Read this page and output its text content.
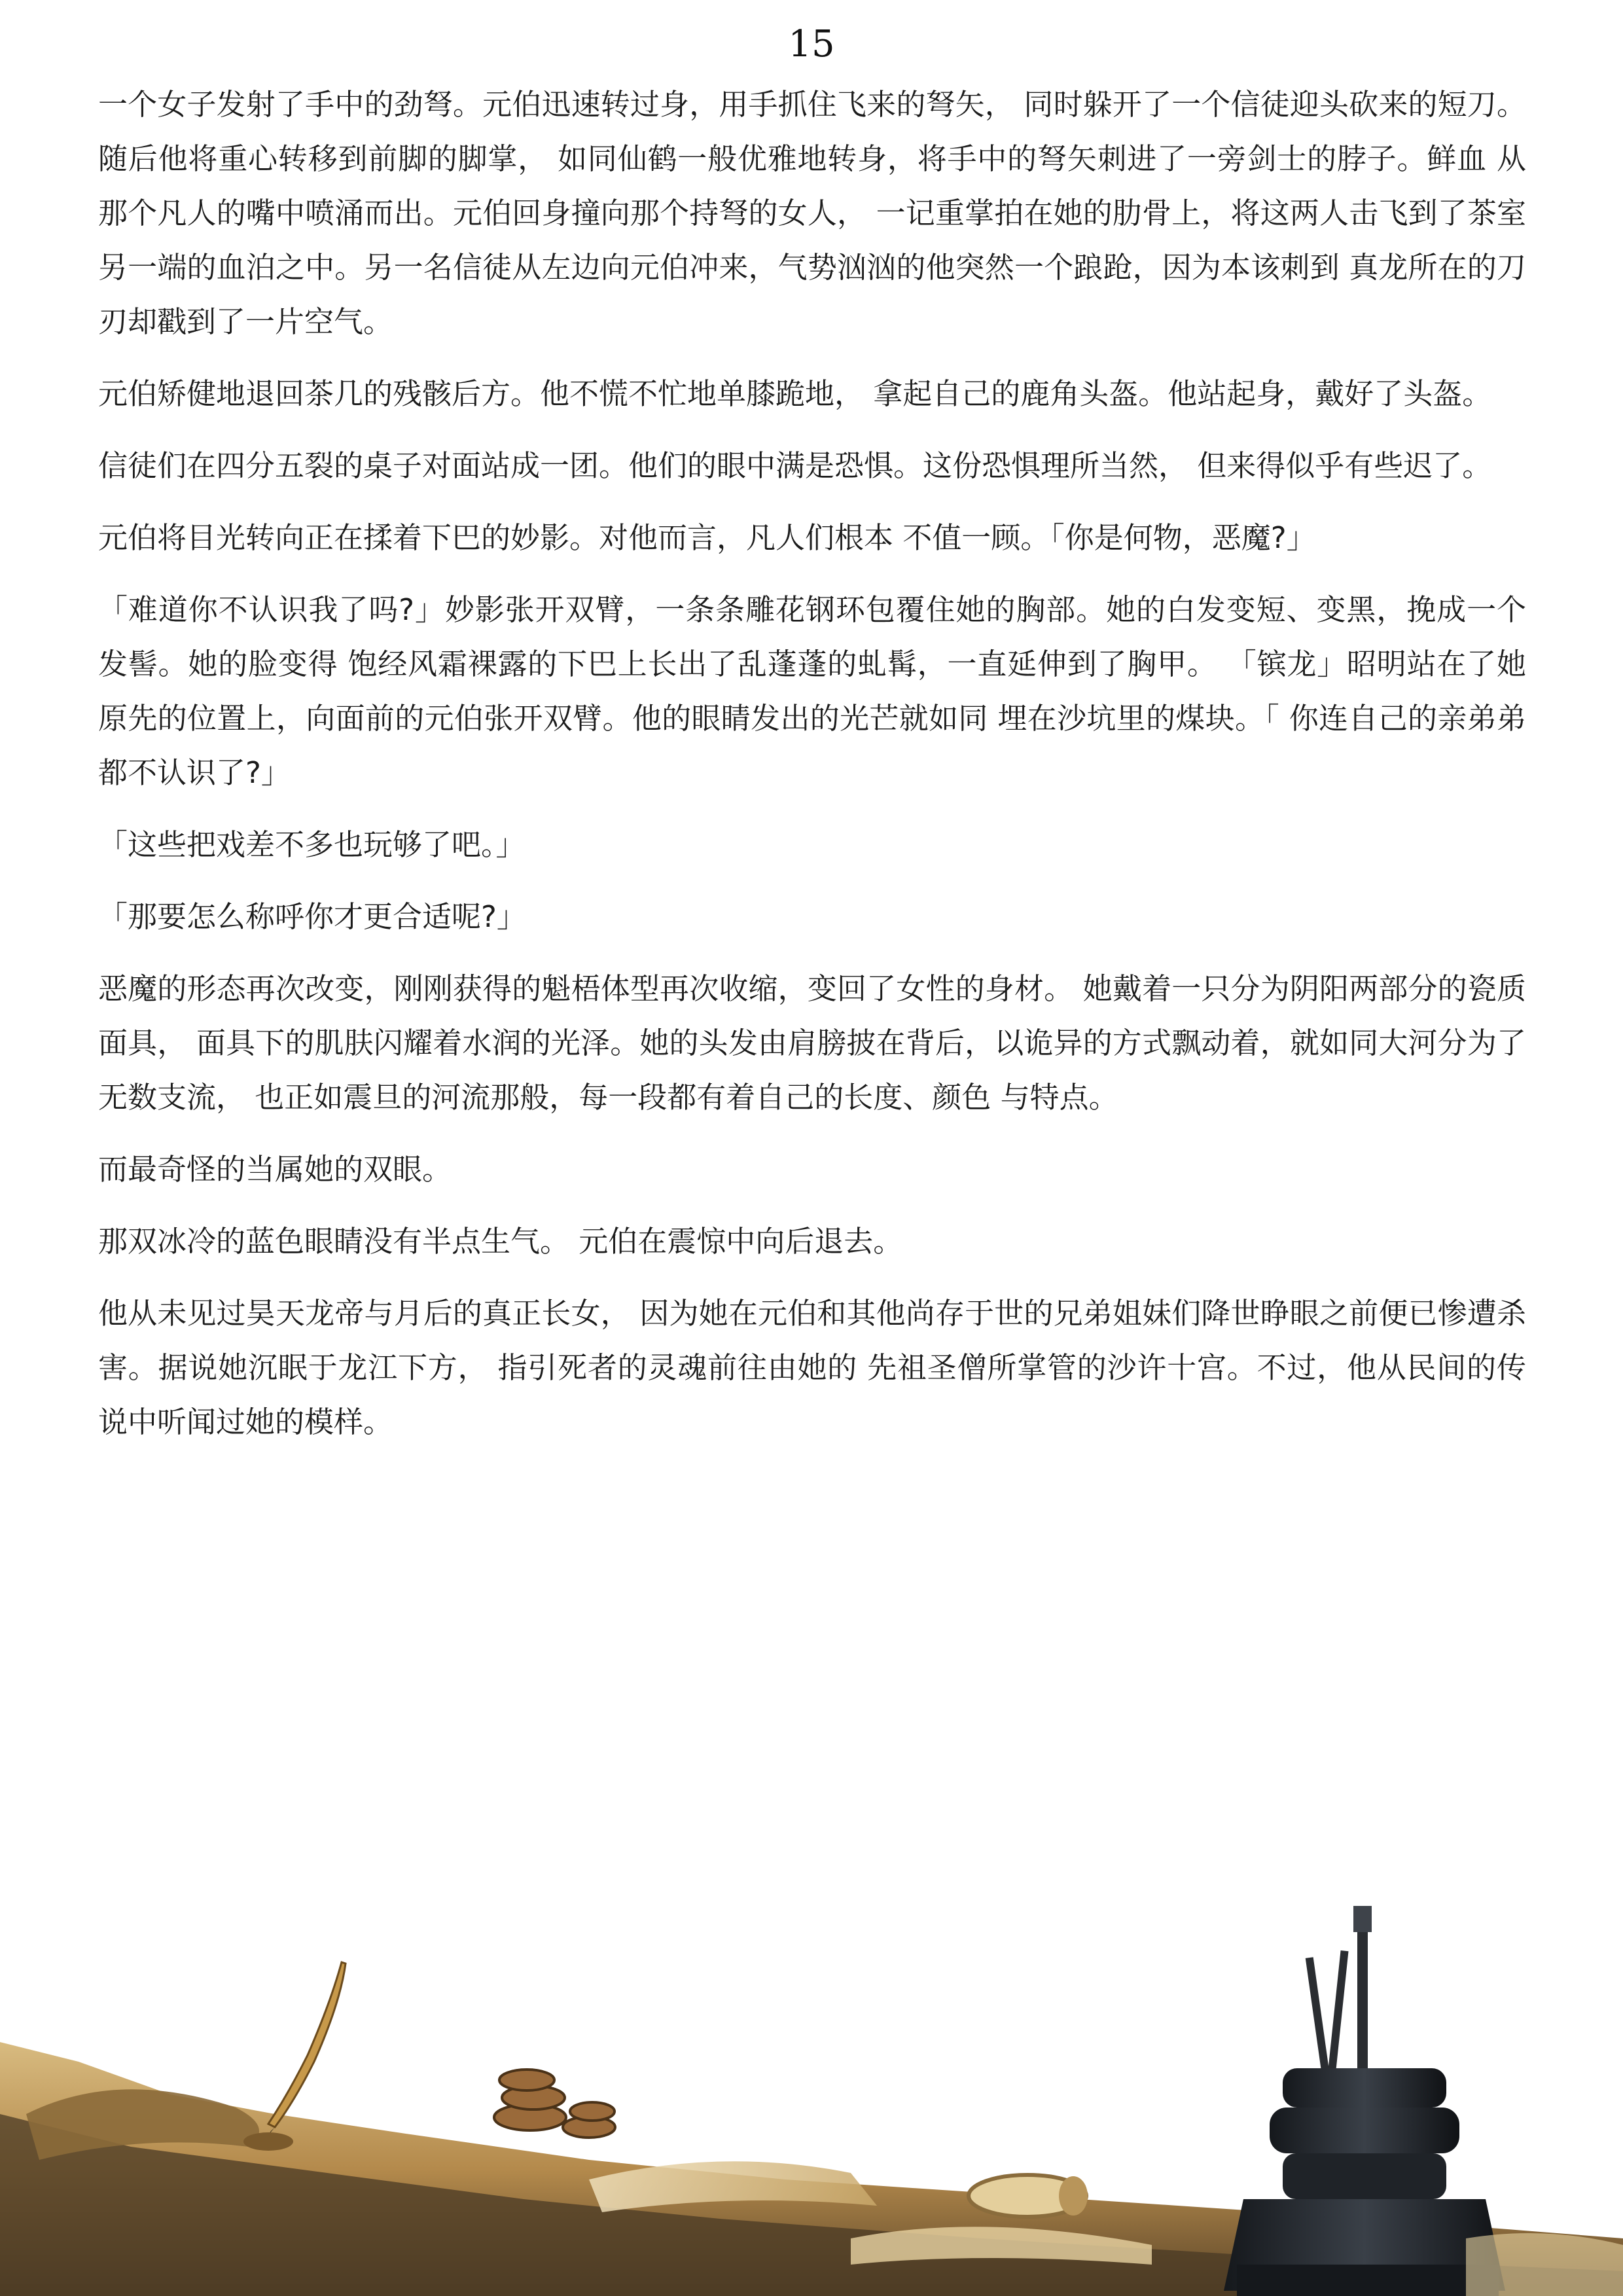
15

一个女子发射了手中的劲弩。元伯迅速转过身，用手抓住飞来的弩矢， 同时躲开了一个信徒迎头砍来的短刀。随后他将重心转移到前脚的脚掌， 如同仙鹤一般优雅地转身，将手中的弩矢刺进了一旁剑士的脖子。鲜血 从那个凡人的嘴中喷涌而出。元伯回身撞向那个持弩的女人， 一记重掌拍在她的肋骨上，将这两人击飞到了茶室另一端的血泊之中。另一名信徒从左边向元伯冲来，气势汹汹的他突然一个踉跄，因为本该刺到 真龙所在的刀刃却戳到了一片空气。

元伯矫健地退回茶几的残骸后方。他不慌不忙地单膝跪地， 拿起自己的鹿角头盔。他站起身，戴好了头盔。

信徒们在四分五裂的桌子对面站成一团。他们的眼中满是恐惧。这份恐惧理所当然， 但来得似乎有些迟了。

元伯将目光转向正在揉着下巴的妙影。对他而言，凡人们根本 不值一顾。「你是何物，恶魔?」

「难道你不认识我了吗?」妙影张开双臂，一条条雕花钢环包覆住她的胸部。她的白发变短、变黑，挽成一个发髻。她的脸变得 饱经风霜裸露的下巴上长出了乱蓬蓬的虬髯，一直延伸到了胸甲。 「镔龙」昭明站在了她原先的位置上，向面前的元伯张开双臂。他的眼睛发出的光芒就如同 埋在沙坑里的煤块。「 你连自己的亲弟弟都不认识了?」

「这些把戏差不多也玩够了吧。」

「那要怎么称呼你才更合适呢?」

恶魔的形态再次改变，刚刚获得的魁梧体型再次收缩，变回了女性的身材。 她戴着一只分为阴阳两部分的瓷质面具， 面具下的肌肤闪耀着水润的光泽。她的头发由肩膀披在背后，以诡异的方式飘动着，就如同大河分为了无数支流， 也正如震旦的河流那般，每一段都有着自己的长度、颜色 与特点。

而最奇怪的当属她的双眼。

那双冰冷的蓝色眼睛没有半点生气。 元伯在震惊中向后退去。

他从未见过昊天龙帝与月后的真正长女， 因为她在元伯和其他尚存于世的兄弟姐妹们降世睁眼之前便已惨遭杀害。据说她沉眠于龙江下方， 指引死者的灵魂前往由她的 先祖圣僧所掌管的沙许十宫。不过，他从民间的传说中听闻过她的模样。
